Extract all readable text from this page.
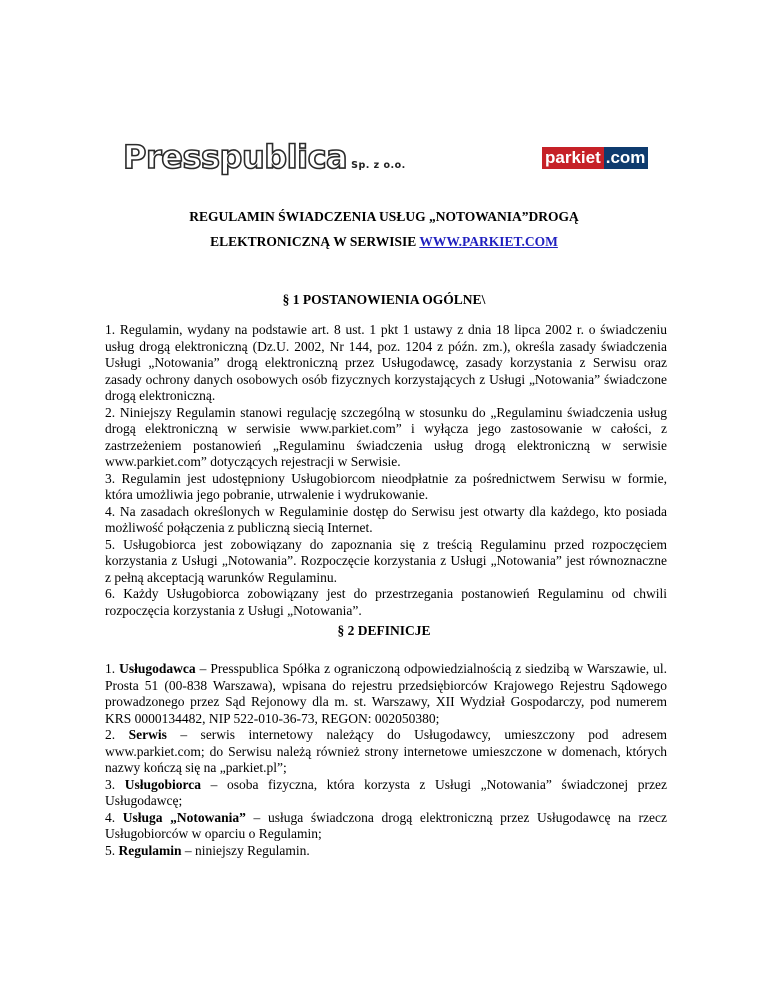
Presspublica Sp. z o.o.	parkiet .com
REGULAMIN ŚWIADCZENIA USŁUG „NOTOWANIA”DROGĄ
ELEKTRONICZNĄ W SERWISIE WWW.PARKIET.COM
§ 1 POSTANOWIENIA OGÓLNE\

1. Regulamin, wydany na podstawie art. 8 ust. 1 pkt 1 ustawy z dnia 18 lipca 2002 r. o świadczeniu usług drogą elektroniczną (Dz.U. 2002, Nr 144, poz. 1204 z późn. zm.), określa zasady świadczenia Usługi „Notowania” drogą elektroniczną przez Usługodawcę, zasady korzystania z Serwisu oraz zasady ochrony danych osobowych osób fizycznych korzystających z Usługi „Notowania” świadczone drogą elektroniczną.

2. Niniejszy Regulamin stanowi regulację szczególną w stosunku do „Regulaminu świadczenia usług drogą elektroniczną w serwisie www.parkiet.com” i wyłącza jego zastosowanie w całości, z zastrzeżeniem postanowień „Regulaminu świadczenia usług drogą elektroniczną w serwisie www.parkiet.com” dotyczących rejestracji w Serwisie.

3. Regulamin jest udostępniony Usługobiorcom nieodpłatnie za pośrednictwem Serwisu w formie, która umożliwia jego pobranie, utrwalenie i wydrukowanie.

4. Na zasadach określonych w Regulaminie dostęp do Serwisu jest otwarty dla każdego, kto posiada możliwość połączenia z publiczną siecią Internet.

5. Usługobiorca jest zobowiązany do zapoznania się z treścią Regulaminu przed rozpoczęciem korzystania z Usługi „Notowania”. Rozpoczęcie korzystania z Usługi „Notowania” jest równoznaczne z pełną akceptacją warunków Regulaminu.

6. Każdy Usługobiorca zobowiązany jest do przestrzegania postanowień Regulaminu od chwili rozpoczęcia korzystania z Usługi „Notowania”.

§ 2 DEFINICJE

1. Usługodawca – Presspublica Spółka z ograniczoną odpowiedzialnością z siedzibą w Warszawie, ul. Prosta 51 (00-838 Warszawa), wpisana do rejestru przedsiębiorców Krajowego Rejestru Sądowego prowadzonego przez Sąd Rejonowy dla m. st. Warszawy, XII Wydział Gospodarczy, pod numerem KRS 0000134482, NIP 522-010-36-73, REGON: 002050380;

2. Serwis – serwis internetowy należący do Usługodawcy, umieszczony pod adresem www.parkiet.com; do Serwisu należą również strony internetowe umieszczone w domenach, których nazwy kończą się na „parkiet.pl”;

3. Usługobiorca – osoba fizyczna, która korzysta z Usługi „Notowania” świadczonej przez Usługodawcę;

4. Usługa „Notowania” – usługa świadczona drogą elektroniczną przez Usługodawcę na rzecz Usługobiorców w oparciu o Regulamin;

5. Regulamin – niniejszy Regulamin.
